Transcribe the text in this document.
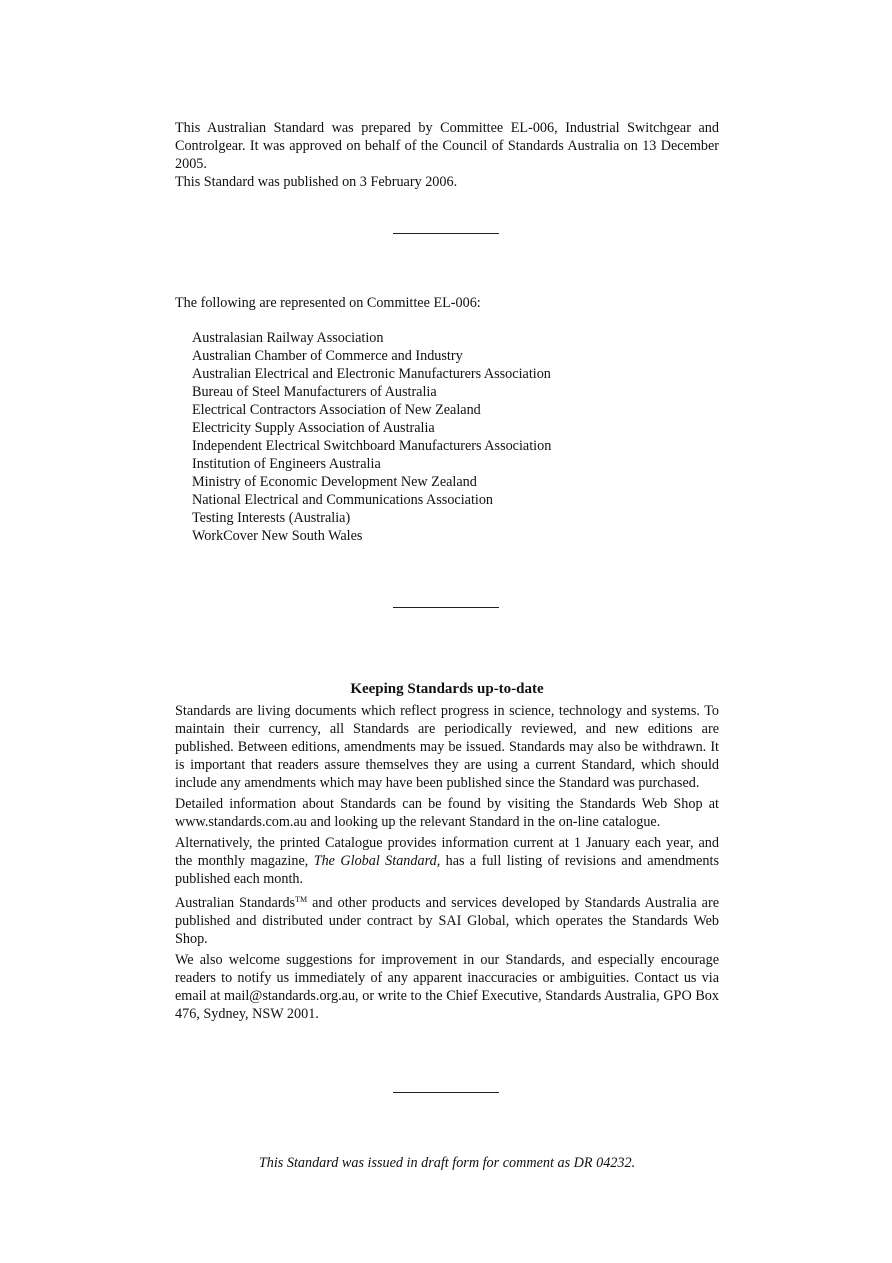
This Australian Standard was prepared by Committee EL-006, Industrial Switchgear and Controlgear. It was approved on behalf of the Council of Standards Australia on 13 December 2005.

This Standard was published on 3 February 2006.

The following are represented on Committee EL-006:
Australasian Railway Association
Australian Chamber of Commerce and Industry
Australian Electrical and Electronic Manufacturers Association
Bureau of Steel Manufacturers of Australia
Electrical Contractors Association of New Zealand
Electricity Supply Association of Australia
Independent Electrical Switchboard Manufacturers Association
Institution of Engineers Australia
Ministry of Economic Development New Zealand
National Electrical and Communications Association
Testing Interests (Australia)
WorkCover New South Wales
Keeping Standards up-to-date

Standards are living documents which reflect progress in science, technology and systems. To maintain their currency, all Standards are periodically reviewed, and new editions are published. Between editions, amendments may be issued. Standards may also be withdrawn. It is important that readers assure themselves they are using a current Standard, which should include any amendments which may have been published since the Standard was purchased.

Detailed information about Standards can be found by visiting the Standards Web Shop at www.standards.com.au and looking up the relevant Standard in the on-line catalogue.

Alternatively, the printed Catalogue provides information current at 1 January each year, and the monthly magazine, The Global Standard, has a full listing of revisions and amendments published each month.

Australian Standards™ and other products and services developed by Standards Australia are published and distributed under contract by SAI Global, which operates the Standards Web Shop.

We also welcome suggestions for improvement in our Standards, and especially encourage readers to notify us immediately of any apparent inaccuracies or ambiguities. Contact us via email at mail@standards.org.au, or write to the Chief Executive, Standards Australia, GPO Box 476, Sydney, NSW 2001.

This Standard was issued in draft form for comment as DR 04232.
